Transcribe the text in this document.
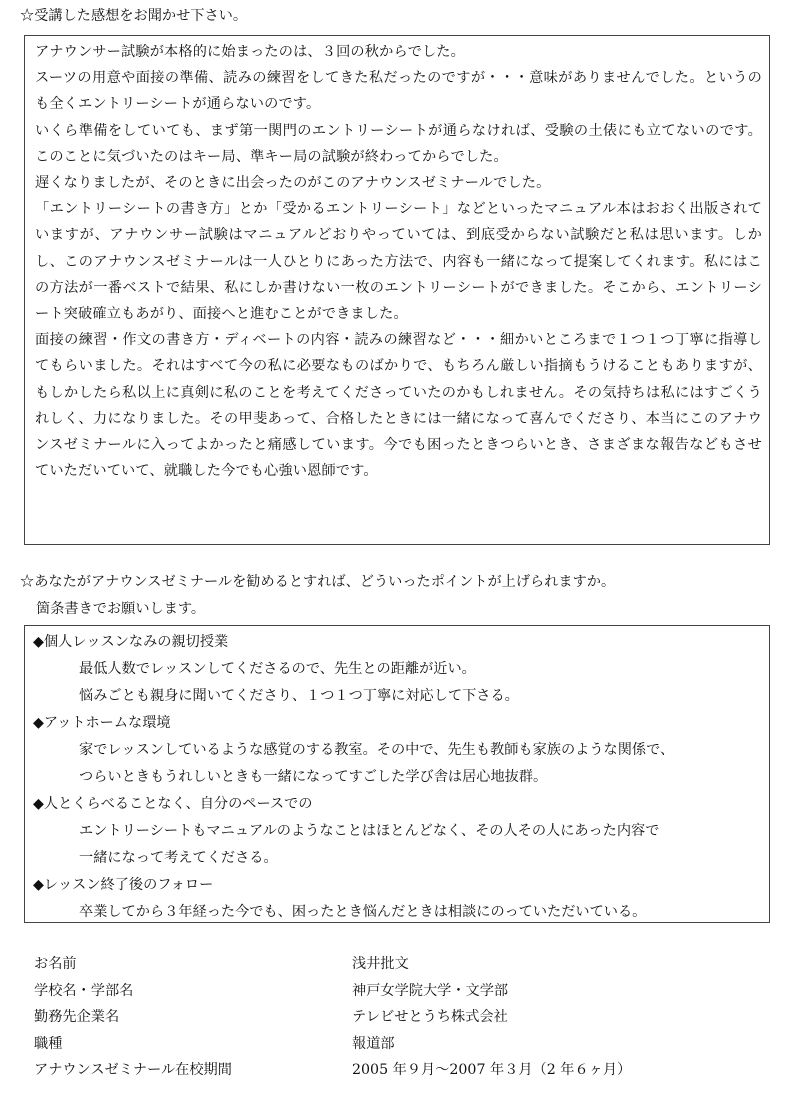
☆受講した感想をお聞かせ下さい。

アナウンサー試験が本格的に始まったのは、３回の秋からでした。

スーツの用意や面接の準備、読みの練習をしてきた私だったのですが・・・意味がありませんでした。というのも全くエントリーシートが通らないのです。

いくら準備をしていても、まず第一関門のエントリーシートが通らなければ、受験の土俵にも立てないのです。このことに気づいたのはキー局、準キー局の試験が終わってからでした。

遅くなりましたが、そのときに出会ったのがこのアナウンスゼミナールでした。

「エントリーシートの書き方」とか「受かるエントリーシート」などといったマニュアル本はおおく出版されていますが、アナウンサー試験はマニュアルどおりやっていては、到底受からない試験だと私は思います。しかし、このアナウンスゼミナールは一人ひとりにあった方法で、内容も一緒になって提案してくれます。私にはこの方法が一番ベストで結果、私にしか書けない一枚のエントリーシートができました。そこから、エントリーシート突破確立もあがり、面接へと進むことができました。

面接の練習・作文の書き方・ディベートの内容・読みの練習など・・・細かいところまで１つ１つ丁寧に指導してもらいました。それはすべて今の私に必要なものばかりで、もちろん厳しい指摘もうけることもありますが、もしかしたら私以上に真剣に私のことを考えてくださっていたのかもしれません。その気持ちは私にはすごくうれしく、力になりました。その甲斐あって、合格したときには一緒になって喜んでくださり、本当にこのアナウンスゼミナールに入ってよかったと痛感しています。今でも困ったときつらいとき、さまざまな報告などもさせていただいていて、就職した今でも心強い恩師です。

☆あなたがアナウンスゼミナールを勧めるとすれば、どういったポイントが上げられますか。
箇条書きでお願いします。
◆個人レッスンなみの親切授業

最低人数でレッスンしてくださるので、先生との距離が近い。

悩みごとも親身に聞いてくださり、１つ１つ丁寧に対応して下さる。

◆アットホームな環境

家でレッスンしているような感覚のする教室。その中で、先生も教師も家族のような関係で、

つらいときもうれしいときも一緒になってすごした学び舎は居心地抜群。

◆人とくらべることなく、自分のペースでの

エントリーシートもマニュアルのようなことはほとんどなく、その人その人にあった内容で

一緒になって考えてくださる。

◆レッスン終了後のフォロー

卒業してから３年経った今でも、困ったとき悩んだときは相談にのっていただいている。

お名前	浅井批文
学校名・学部名	神戸女学院大学・文学部
勤務先企業名	テレビせとうち株式会社
職種	報道部
アナウンスゼミナール在校期間	2005 年９月～2007 年３月（2 年６ヶ月）
